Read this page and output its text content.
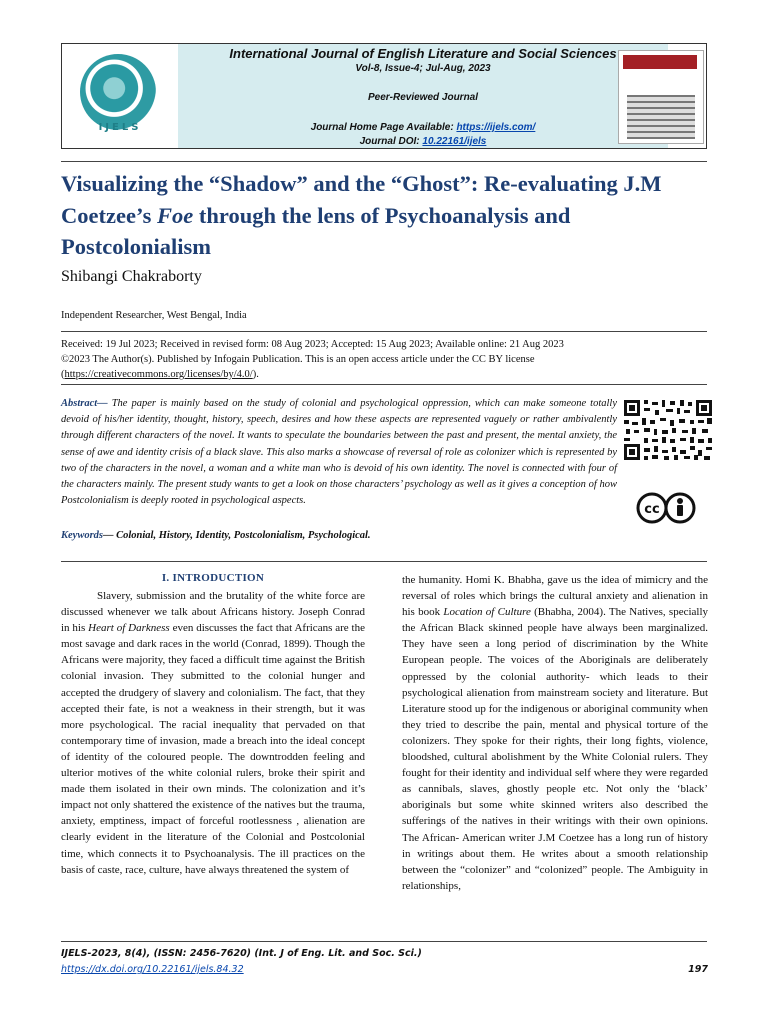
IJELS
International Journal of English Literature and Social Sciences
Vol-8, Issue-4; Jul-Aug, 2023
Peer-Reviewed Journal
Journal Home Page Available: https://ijels.com/
Journal DOI: 10.22161/ijels
Visualizing the “Shadow” and the “Ghost”: Re-evaluating J.M Coetzee’s Foe through the lens of Psychoanalysis and Postcolonialism
Shibangi Chakraborty
Independent Researcher, West Bengal, India
Received: 19 Jul 2023; Received in revised form: 08 Aug 2023; Accepted: 15 Aug 2023; Available online: 21 Aug 2023
©2023 The Author(s). Published by Infogain Publication. This is an open access article under the CC BY license
(https://creativecommons.org/licenses/by/4.0/).
Abstract— The paper is mainly based on the study of colonial and psychological oppression, which can make someone totally devoid of his/her identity, thought, history, speech, desires and how these aspects are represented vaguely or rather ambivalently through different characters of the novel. It wants to speculate the boundaries between the past and present, the mental anxiety, the sense of awe and identity crisis of a black slave. This also marks a showcase of reversal of role as colonizer which is represented by two of the characters in the novel, a woman and a white man who is devoid of his own identity. The novel is connected with four of the characters mainly. The present study wants to get a look on those characters’ psychology as well as it gives a conception of how Postcolonialism is deeply rooted in psychological aspects.
cc
Keywords— Colonial, History, Identity, Postcolonialism, Psychological.
I. INTRODUCTION

Slavery, submission and the brutality of the white force are discussed whenever we talk about Africans history. Joseph Conrad in his Heart of Darkness even discusses the fact that Africans are the most savage and dark races in the world (Conrad, 1899). Though the Africans were majority, they faced a difficult time against the British colonial invasion. They submitted to the colonial hunger and accepted the drudgery of slavery and colonialism. The fact, that they accepted their fate, is not a weakness in their strength, but it was more psychological. The racial inequality that pervaded on that contemporary time of invasion, made a breach into the ideal concept of identity of the coloured people. The downtrodden feeling and ulterior motives of the white colonial rulers, broke their spirit and made them isolated in their own minds. The colonization and it’s impact not only shattered the existence of the natives but the trauma, anxiety, emptiness, impact of forceful rootlessness , alienation are clearly evident in the literature of the Colonial and Postcolonial time, which connects it to Psychoanalysis. The ill practices on the basis of caste, race, culture, have always threatened the system of

the humanity. Homi K. Bhabha, gave us the idea of mimicry and the reversal of roles which brings the cultural anxiety and alienation in his book Location of Culture (Bhabha, 2004). The Natives, specially the African Black skinned people have always been marginalized. They have seen a long period of discrimination by the White European people. The voices of the Aboriginals are deliberately oppressed by the colonial authority- which leads to their psychological alienation from mainstream society and literature. But Literature stood up for the indigenous or aboriginal community when they tried to describe the pain, mental and physical torture of the colonizers. They spoke for their rights, their long fights, violence, bloodshed, cultural abolishment by the White Colonial rulers. They fought for their identity and individual self where they were regarded as cannibals, slaves, ghostly people etc. Not only the ‘black’ aboriginals but some white skinned writers also described the sufferings of the natives in their writings with their own opinions. The African- American writer J.M Coetzee has a long run of history in writings about them. He writes about a smooth relationship between the “colonizer” and “colonized” people. The Ambiguity in relationships,

IJELS-2023, 8(4), (ISSN: 2456-7620) (Int. J of Eng. Lit. and Soc. Sci.)
https://dx.doi.org/10.22161/ijels.84.32	197
